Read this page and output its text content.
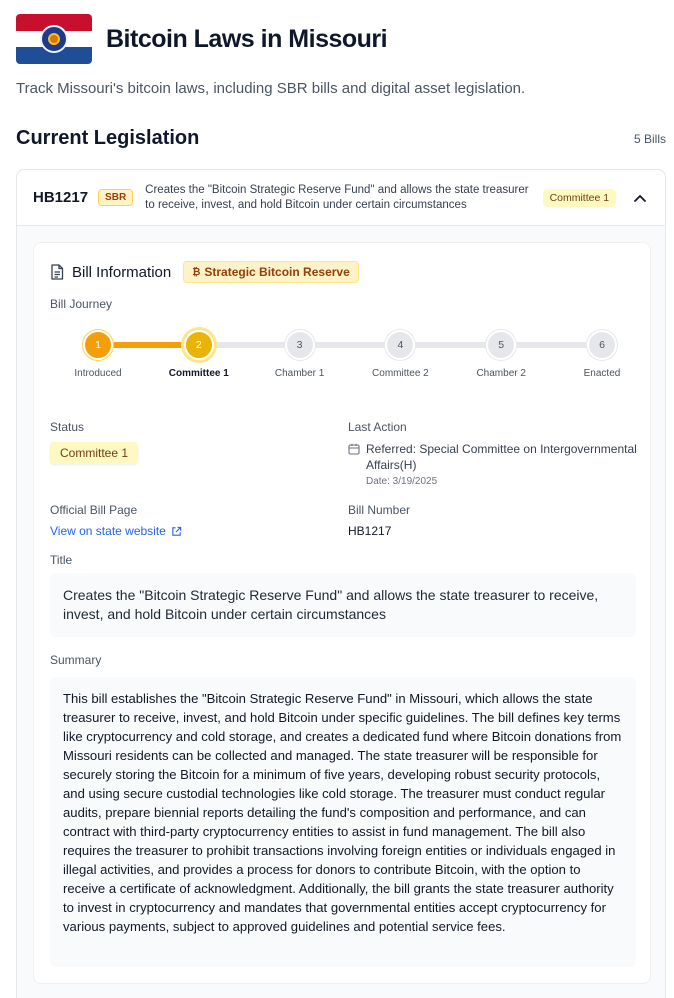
Bitcoin Laws in Missouri

Track Missouri's bitcoin laws, including SBR bills and digital asset legislation.

Current Legislation	5 Bills
HB1217	SBR
Creates the "Bitcoin Strategic Reserve Fund" and allows the state treasurer to receive, invest, and hold Bitcoin under certain circumstances
Committee 1
Bill Information ₿ Strategic Bitcoin Reserve
Bill Journey
1
Introduced
2
Committee 1
3
Chamber 1
4
Committee 2
5
Chamber 2
6
Enacted
Status
Committee 1
Last Action
Referred: Special Committee on Intergovernmental Affairs(H)
Date: 3/19/2025
Official Bill Page
View on state website
Bill Number
HB1217
Title
Creates the "Bitcoin Strategic Reserve Fund" and allows the state treasurer to receive, invest, and hold Bitcoin under certain circumstances
Summary
This bill establishes the "Bitcoin Strategic Reserve Fund" in Missouri, which allows the state treasurer to receive, invest, and hold Bitcoin under specific guidelines. The bill defines key terms like cryptocurrency and cold storage, and creates a dedicated fund where Bitcoin donations from Missouri residents can be collected and managed. The state treasurer will be responsible for securely storing the Bitcoin for a minimum of five years, developing robust security protocols, and using secure custodial technologies like cold storage. The treasurer must conduct regular audits, prepare biennial reports detailing the fund's composition and performance, and can contract with third-party cryptocurrency entities to assist in fund management. The bill also requires the treasurer to prohibit transactions involving foreign entities or individuals engaged in illegal activities, and provides a process for donors to contribute Bitcoin, with the option to receive a certificate of acknowledgment. Additionally, the bill grants the state treasurer authority to invest in cryptocurrency and mandates that governmental entities accept cryptocurrency for various payments, subject to approved guidelines and potential service fees.
